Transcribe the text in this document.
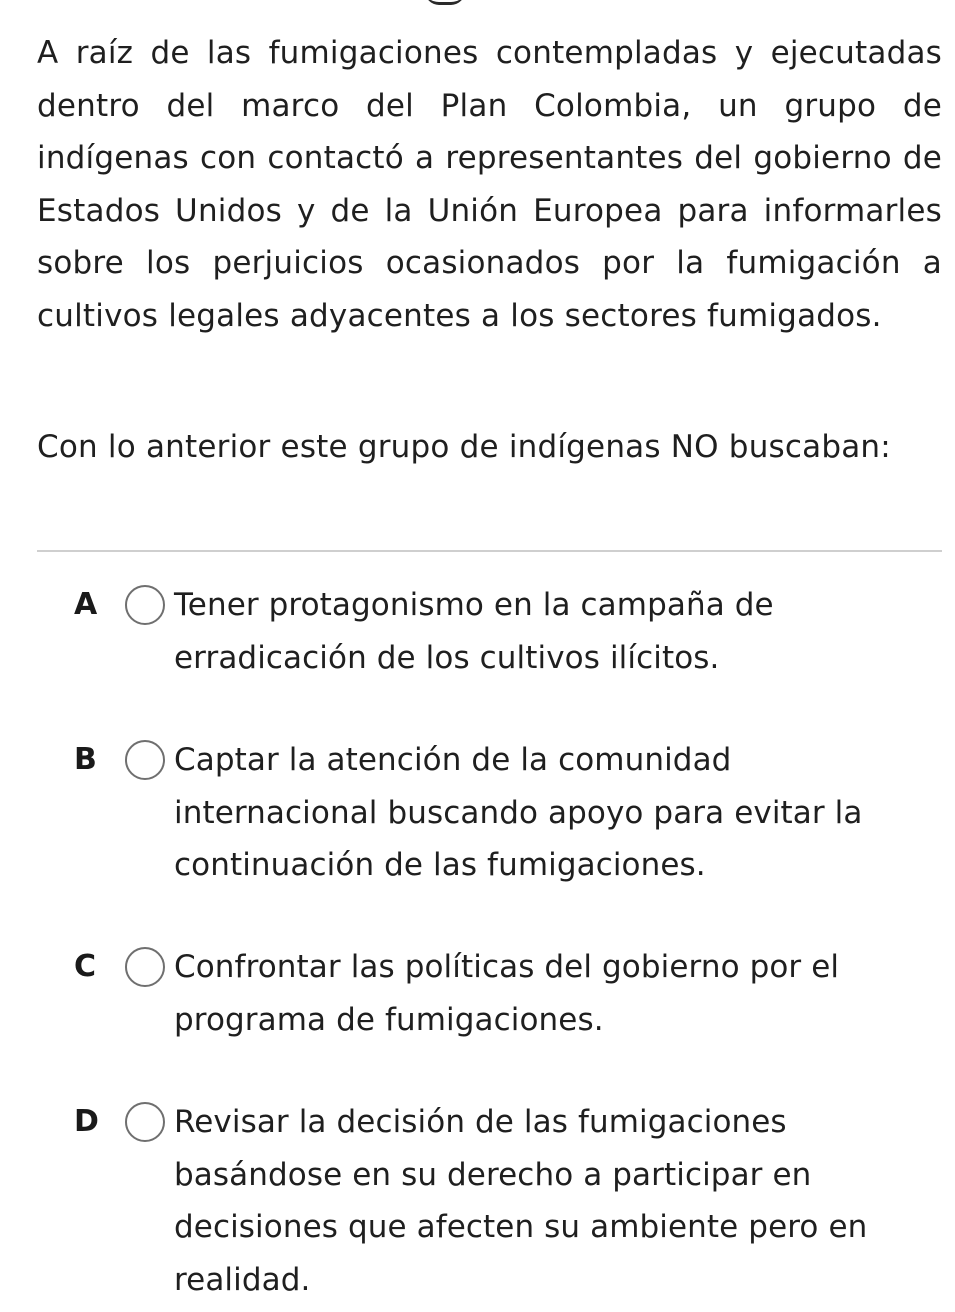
A raíz de las fumigaciones contempladas y ejecutadas dentro del marco del Plan Colombia, un grupo de indígenas con contactó a representantes del gobierno de Estados Unidos y de la Unión Europea para informarles sobre los perjuicios ocasionados por la fumigación a cultivos legales adyacentes a los sectores fumigados.

Con lo anterior este grupo de indígenas NO buscaban:

A	Tener protagonismo en la campaña de erradicación de los cultivos ilícitos.

B	Captar la atención de la comunidad internacional buscando apoyo para evitar la continuación de las fumigaciones.

C	Confrontar las políticas del gobierno por el programa de fumigaciones.

D	Revisar la decisión de las fumigaciones basándose en su derecho a participar en decisiones que afecten su ambiente pero en realidad.
